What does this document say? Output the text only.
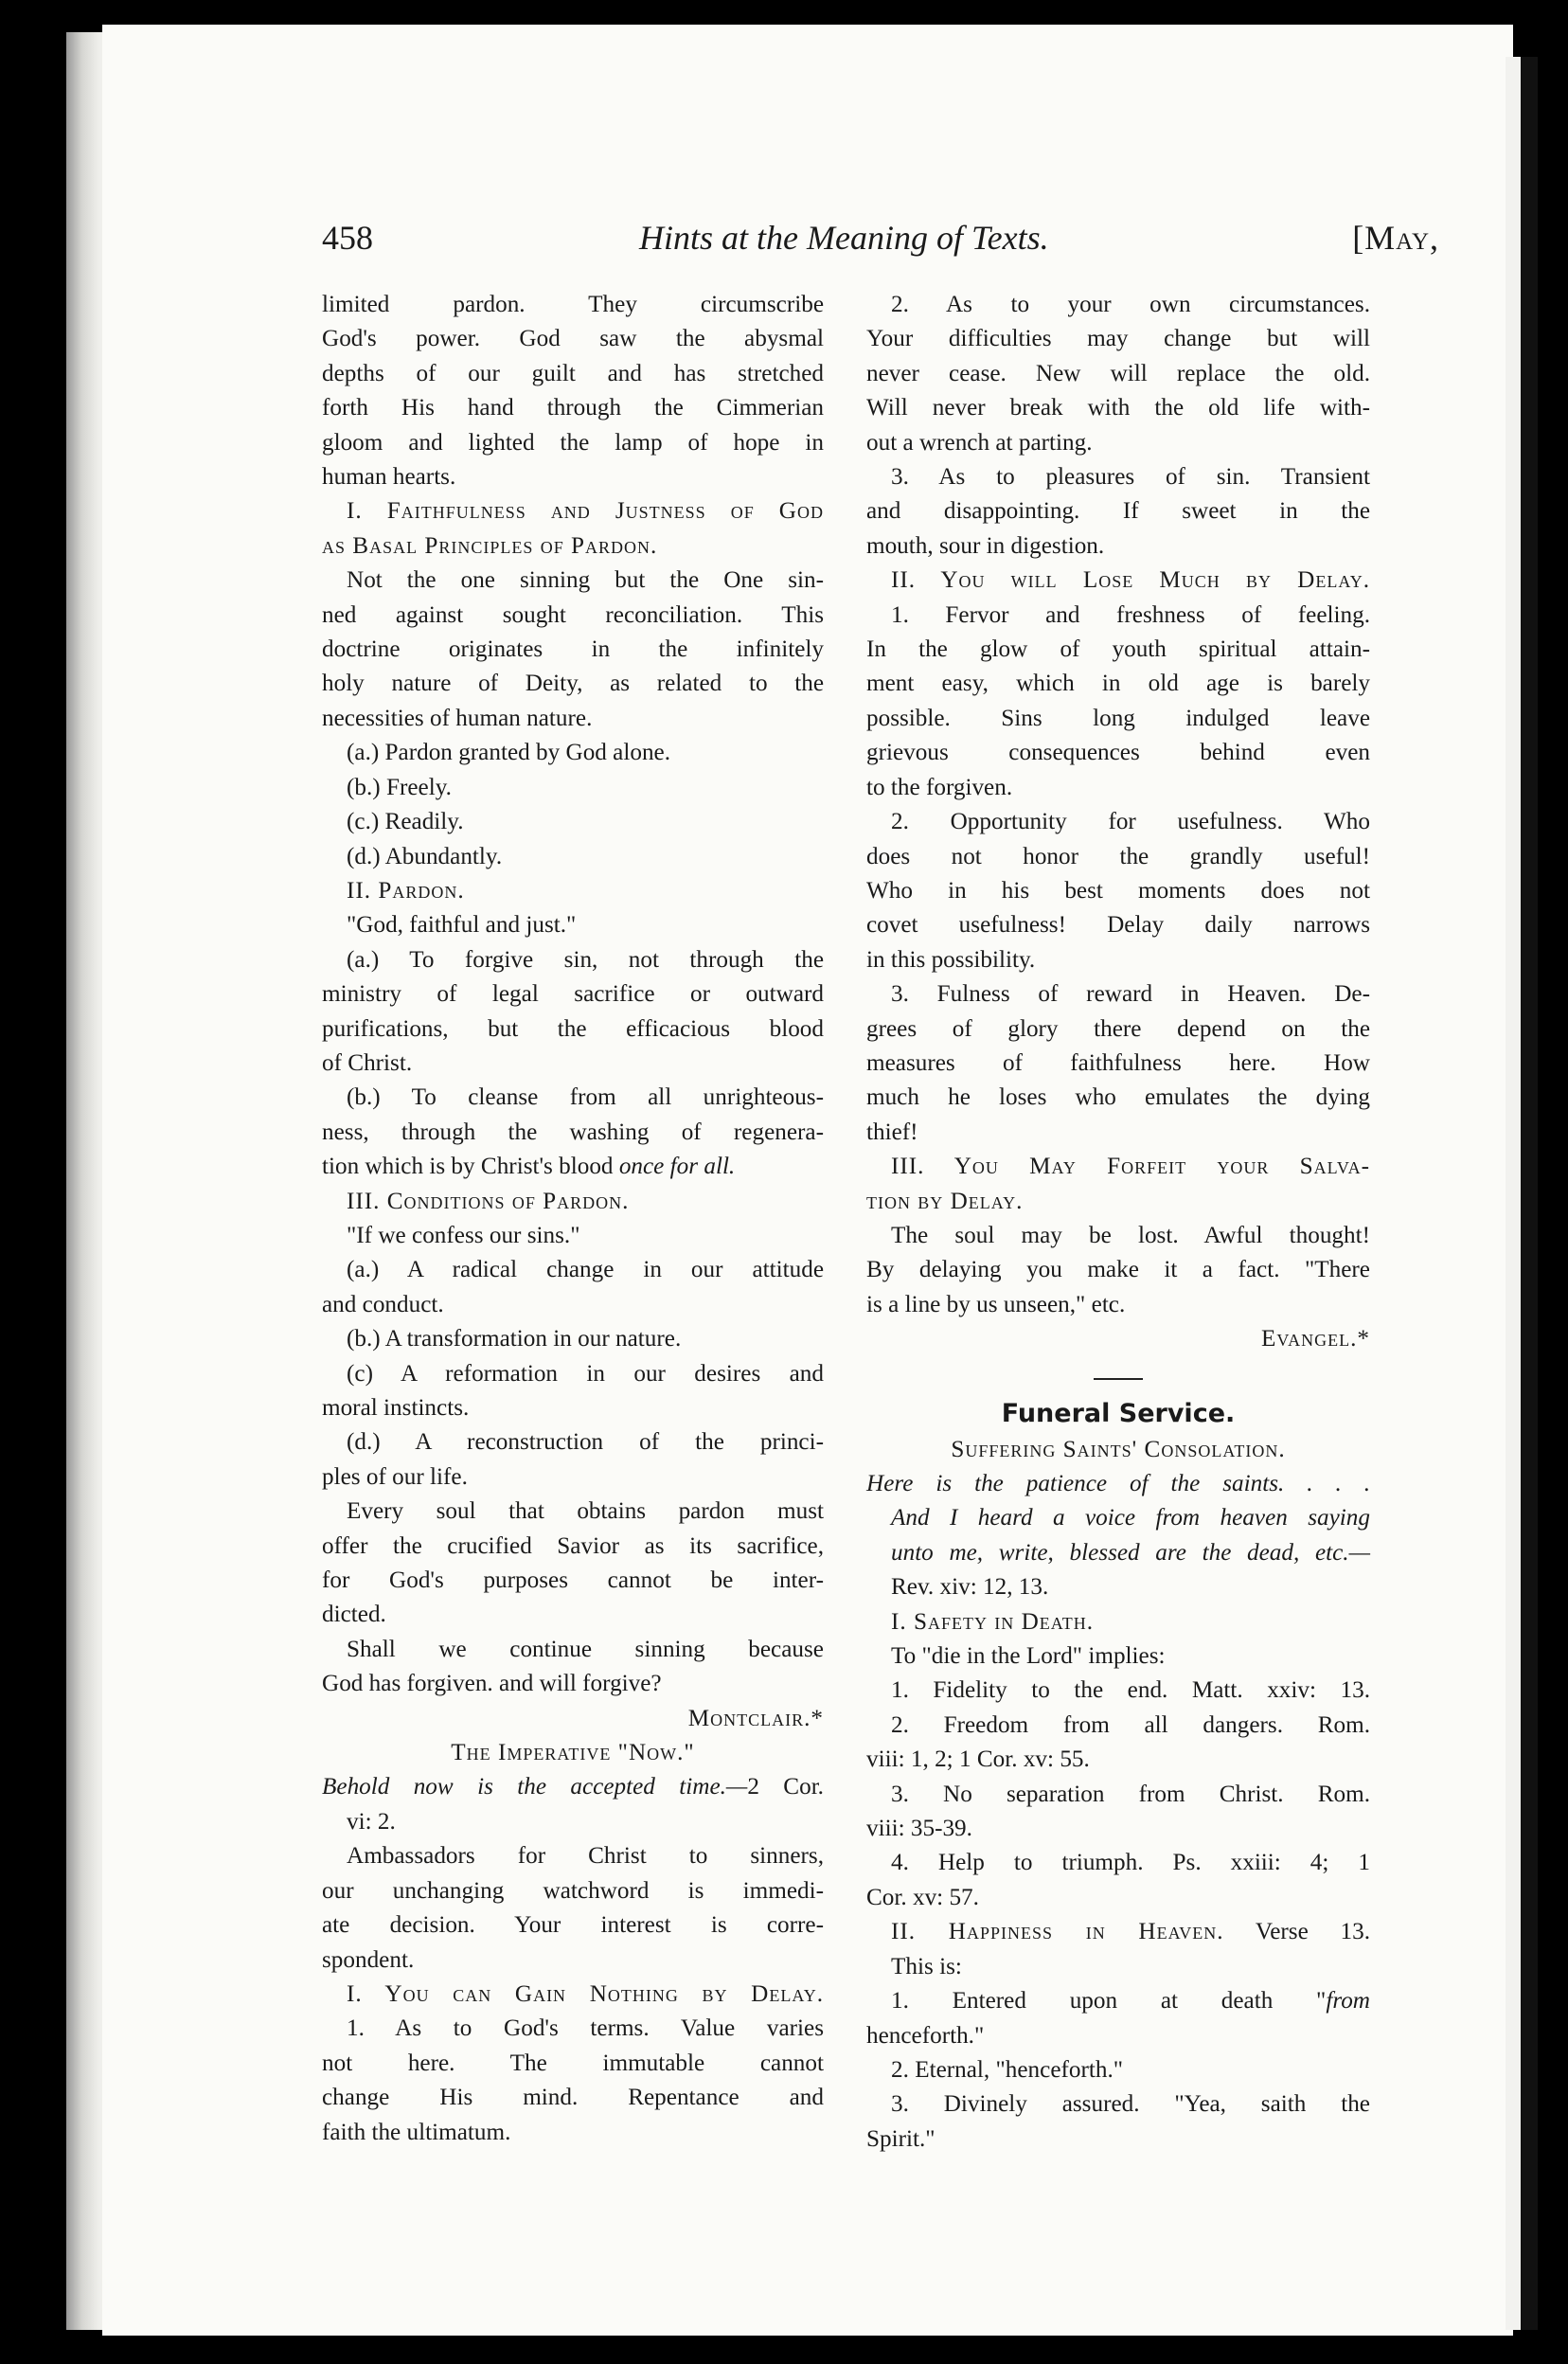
458	Hints at the Meaning of Texts.	[May,

limited pardon. They circumscribe

God's power. God saw the abysmal

depths of our guilt and has stretched

forth His hand through the Cimmerian

gloom and lighted the lamp of hope in

human hearts.

I. Faithfulness and Justness of God

as Basal Principles of Pardon.

Not the one sinning but the One sin-

ned against sought reconciliation. This

doctrine originates in the infinitely

holy nature of Deity, as related to the

necessities of human nature.

(a.) Pardon granted by God alone.

(b.) Freely.

(c.) Readily.

(d.) Abundantly.

II. Pardon.

"God, faithful and just."

(a.) To forgive sin, not through the

ministry of legal sacrifice or outward

purifications, but the efficacious blood

of Christ.

(b.) To cleanse from all unrighteous-

ness, through the washing of regenera-

tion which is by Christ's blood once for all.

III. Conditions of Pardon.

"If we confess our sins."

(a.) A radical change in our attitude

and conduct.

(b.) A transformation in our nature.

(c) A reformation in our desires and

moral instincts.

(d.) A reconstruction of the princi-

ples of our life.

Every soul that obtains pardon must

offer the crucified Savior as its sacrifice,

for God's purposes cannot be inter-

dicted.

Shall we continue sinning because

God has forgiven. and will forgive?

Montclair.*

The Imperative "Now."

Behold now is the accepted time.—2 Cor.

vi: 2.

Ambassadors for Christ to sinners,

our unchanging watchword is immedi-

ate decision. Your interest is corre-

spondent.

I. You can Gain Nothing by Delay.

1. As to God's terms. Value varies

not here. The immutable cannot

change His mind. Repentance and

faith the ultimatum.

2. As to your own circumstances.

Your difficulties may change but will

never cease. New will replace the old.

Will never break with the old life with-

out a wrench at parting.

3. As to pleasures of sin. Transient

and disappointing. If sweet in the

mouth, sour in digestion.

II. You will Lose Much by Delay.

1. Fervor and freshness of feeling.

In the glow of youth spiritual attain-

ment easy, which in old age is barely

possible. Sins long indulged leave

grievous consequences behind even

to the forgiven.

2. Opportunity for usefulness. Who

does not honor the grandly useful!

Who in his best moments does not

covet usefulness! Delay daily narrows

in this possibility.

3. Fulness of reward in Heaven. De-

grees of glory there depend on the

measures of faithfulness here. How

much he loses who emulates the dying

thief!

III. You May Forfeit your Salva-

tion by Delay.

The soul may be lost. Awful thought!

By delaying you make it a fact. "There

is a line by us unseen," etc.

Evangel.*

Funeral Service.

Suffering Saints' Consolation.

Here is the patience of the saints. . . .

And I heard a voice from heaven saying

unto me, write, blessed are the dead, etc.—

Rev. xiv: 12, 13.

I. Safety in Death.

To "die in the Lord" implies:

1. Fidelity to the end. Matt. xxiv: 13.

2. Freedom from all dangers. Rom.

viii: 1, 2; 1 Cor. xv: 55.

3. No separation from Christ. Rom.

viii: 35-39.

4. Help to triumph. Ps. xxiii: 4; 1

Cor. xv: 57.

II. Happiness in Heaven. Verse 13.

This is:

1. Entered upon at death "from

henceforth."

2. Eternal, "henceforth."

3. Divinely assured. "Yea, saith the

Spirit."
